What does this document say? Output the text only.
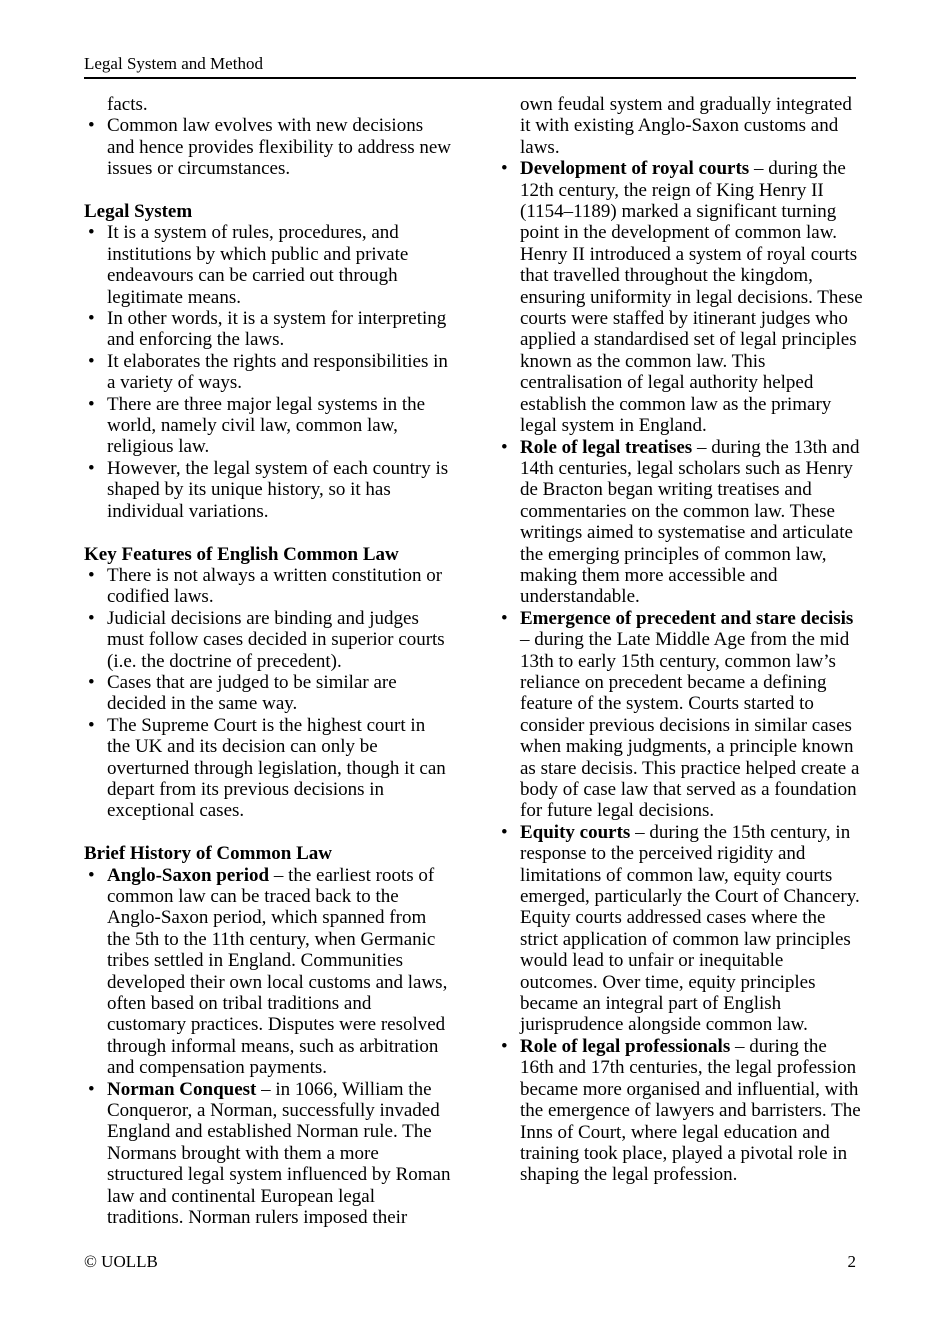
Legal System and Method

facts.

• Common law evolves with new decisions and hence provides flexibility to address new issues or circumstances.
Legal System
• It is a system of rules, procedures, and institutions by which public and private endeavours can be carried out through legitimate means.
• In other words, it is a system for interpreting and enforcing the laws.
• It elaborates the rights and responsibilities in a variety of ways.
• There are three major legal systems in the world, namely civil law, common law, religious law.
• However, the legal system of each country is shaped by its unique history, so it has individual variations.
Key Features of English Common Law
• There is not always a written constitution or codified laws.
• Judicial decisions are binding and judges must follow cases decided in superior courts (i.e. the doctrine of precedent).
• Cases that are judged to be similar are decided in the same way.
• The Supreme Court is the highest court in the UK and its decision can only be overturned through legislation, though it can depart from its previous decisions in exceptional cases.
Brief History of Common Law
• Anglo-Saxon period – the earliest roots of common law can be traced back to the Anglo-Saxon period, which spanned from the 5th to the 11th century, when Germanic tribes settled in England. Communities developed their own local customs and laws, often based on tribal traditions and customary practices. Disputes were resolved through informal means, such as arbitration and compensation payments.
• Norman Conquest – in 1066, William the Conqueror, a Norman, successfully invaded England and established Norman rule. The Normans brought with them a more structured legal system influenced by Roman law and continental European legal traditions. Norman rulers imposed their

own feudal system and gradually integrated it with existing Anglo-Saxon customs and laws.

• Development of royal courts – during the 12th century, the reign of King Henry II (1154–1189) marked a significant turning point in the development of common law. Henry II introduced a system of royal courts that travelled throughout the kingdom, ensuring uniformity in legal decisions. These courts were staffed by itinerant judges who applied a standardised set of legal principles known as the common law. This centralisation of legal authority helped establish the common law as the primary legal system in England.
• Role of legal treatises – during the 13th and 14th centuries, legal scholars such as Henry de Bracton began writing treatises and commentaries on the common law. These writings aimed to systematise and articulate the emerging principles of common law, making them more accessible and understandable.
• Emergence of precedent and stare decisis – during the Late Middle Age from the mid 13th to early 15th century, common law’s reliance on precedent became a defining feature of the system. Courts started to consider previous decisions in similar cases when making judgments, a principle known as stare decisis. This practice helped create a body of case law that served as a foundation for future legal decisions.
• Equity courts – during the 15th century, in response to the perceived rigidity and limitations of common law, equity courts emerged, particularly the Court of Chancery. Equity courts addressed cases where the strict application of common law principles would lead to unfair or inequitable outcomes. Over time, equity principles became an integral part of English jurisprudence alongside common law.
• Role of legal professionals – during the 16th and 17th centuries, the legal profession became more organised and influential, with the emergence of lawyers and barristers. The Inns of Court, where legal education and training took place, played a pivotal role in shaping the legal profession.
© UOLLB	2
